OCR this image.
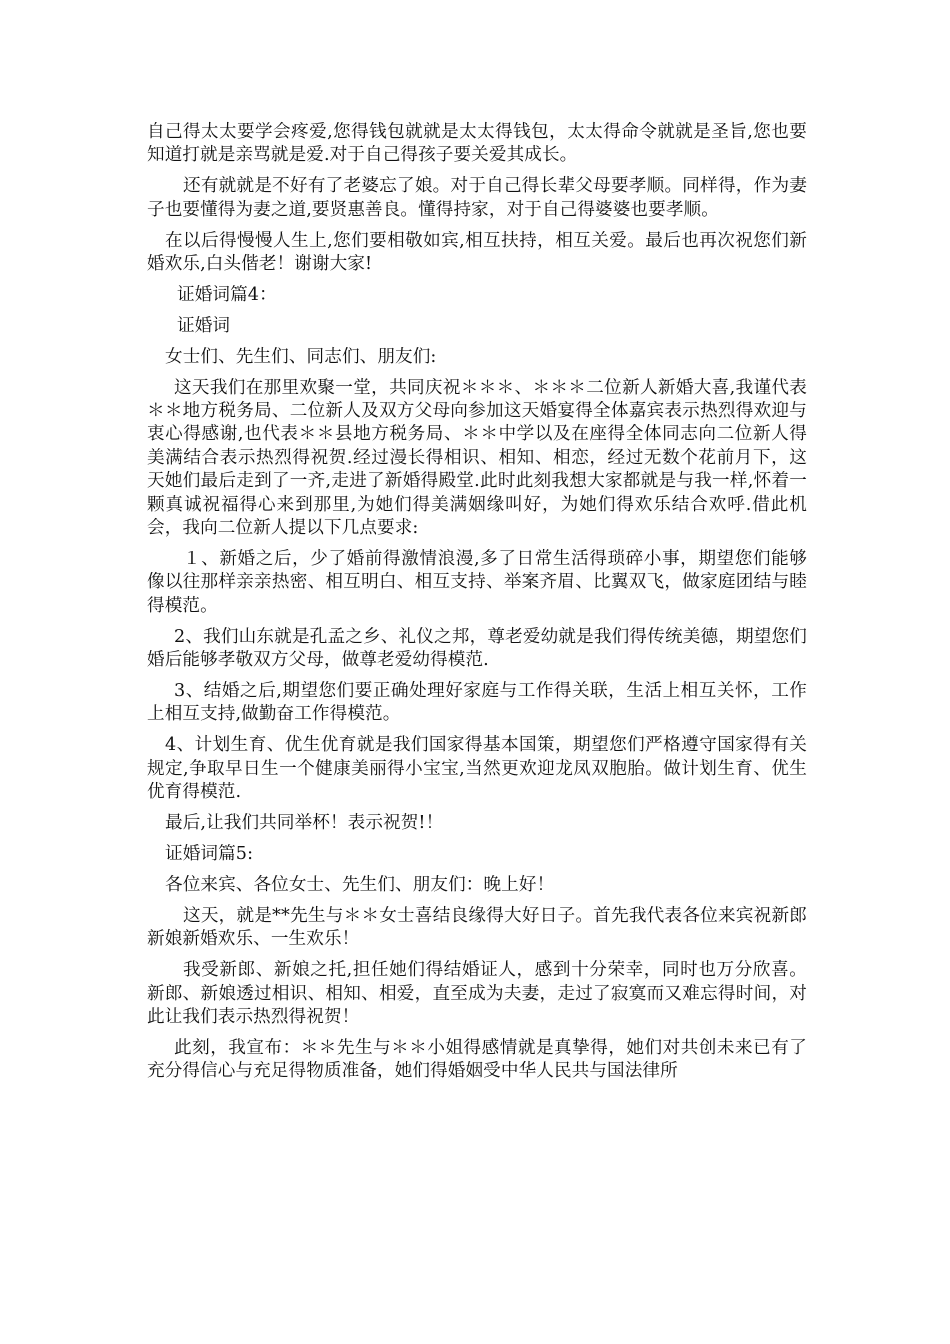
自己得太太要学会疼爱,您得钱包就就是太太得钱包，太太得命令就就是圣旨,您也要知道打就是亲骂就是爱.对于自己得孩子要关爱其成长。

还有就就是不好有了老婆忘了娘。对于自己得长辈父母要孝顺。同样得，作为妻子也要懂得为妻之道,要贤惠善良。懂得持家，对于自己得婆婆也要孝顺。

在以后得慢慢人生上,您们要相敬如宾,相互扶持，相互关爱。最后也再次祝您们新婚欢乐,白头偕老！谢谢大家!

证婚词篇4：

证婚词

女士们、先生们、同志们、朋友们:

这天我们在那里欢聚一堂，共同庆祝＊＊＊、＊＊＊二位新人新婚大喜,我谨代表＊＊地方税务局、二位新人及双方父母向参加这天婚宴得全体嘉宾表示热烈得欢迎与衷心得感谢,也代表＊＊县地方税务局、＊＊中学以及在座得全体同志向二位新人得美满结合表示热烈得祝贺.经过漫长得相识、相知、相恋，经过无数个花前月下，这天她们最后走到了一齐,走进了新婚得殿堂.此时此刻我想大家都就是与我一样,怀着一颗真诚祝福得心来到那里,为她们得美满姻缘叫好，为她们得欢乐结合欢呼.借此机会，我向二位新人提以下几点要求:

１、新婚之后，少了婚前得激情浪漫,多了日常生活得琐碎小事，期望您们能够像以往那样亲亲热密、相互明白、相互支持、举案齐眉、比翼双飞，做家庭团结与睦得模范。

2、我们山东就是孔孟之乡、礼仪之邦，尊老爱幼就是我们得传统美德，期望您们婚后能够孝敬双方父母，做尊老爱幼得模范.

3、结婚之后,期望您们要正确处理好家庭与工作得关联，生活上相互关怀，工作上相互支持,做勤奋工作得模范。

4、计划生育、优生优育就是我们国家得基本国策，期望您们严格遵守国家得有关规定,争取早日生一个健康美丽得小宝宝,当然更欢迎龙凤双胞胎。做计划生育、优生优育得模范.

最后,让我们共同举杯！表示祝贺!！

证婚词篇5:

各位来宾、各位女士、先生们、朋友们：晚上好！

这天，就是**先生与＊＊女士喜结良缘得大好日子。首先我代表各位来宾祝新郎新娘新婚欢乐、一生欢乐！

我受新郎、新娘之托,担任她们得结婚证人，感到十分荣幸，同时也万分欣喜。新郎、新娘透过相识、相知、相爱，直至成为夫妻，走过了寂寞而又难忘得时间，对此让我们表示热烈得祝贺！

此刻，我宣布：＊＊先生与＊＊小姐得感情就是真挚得，她们对共创未来已有了充分得信心与充足得物质准备，她们得婚姻受中华人民共与国法律所
